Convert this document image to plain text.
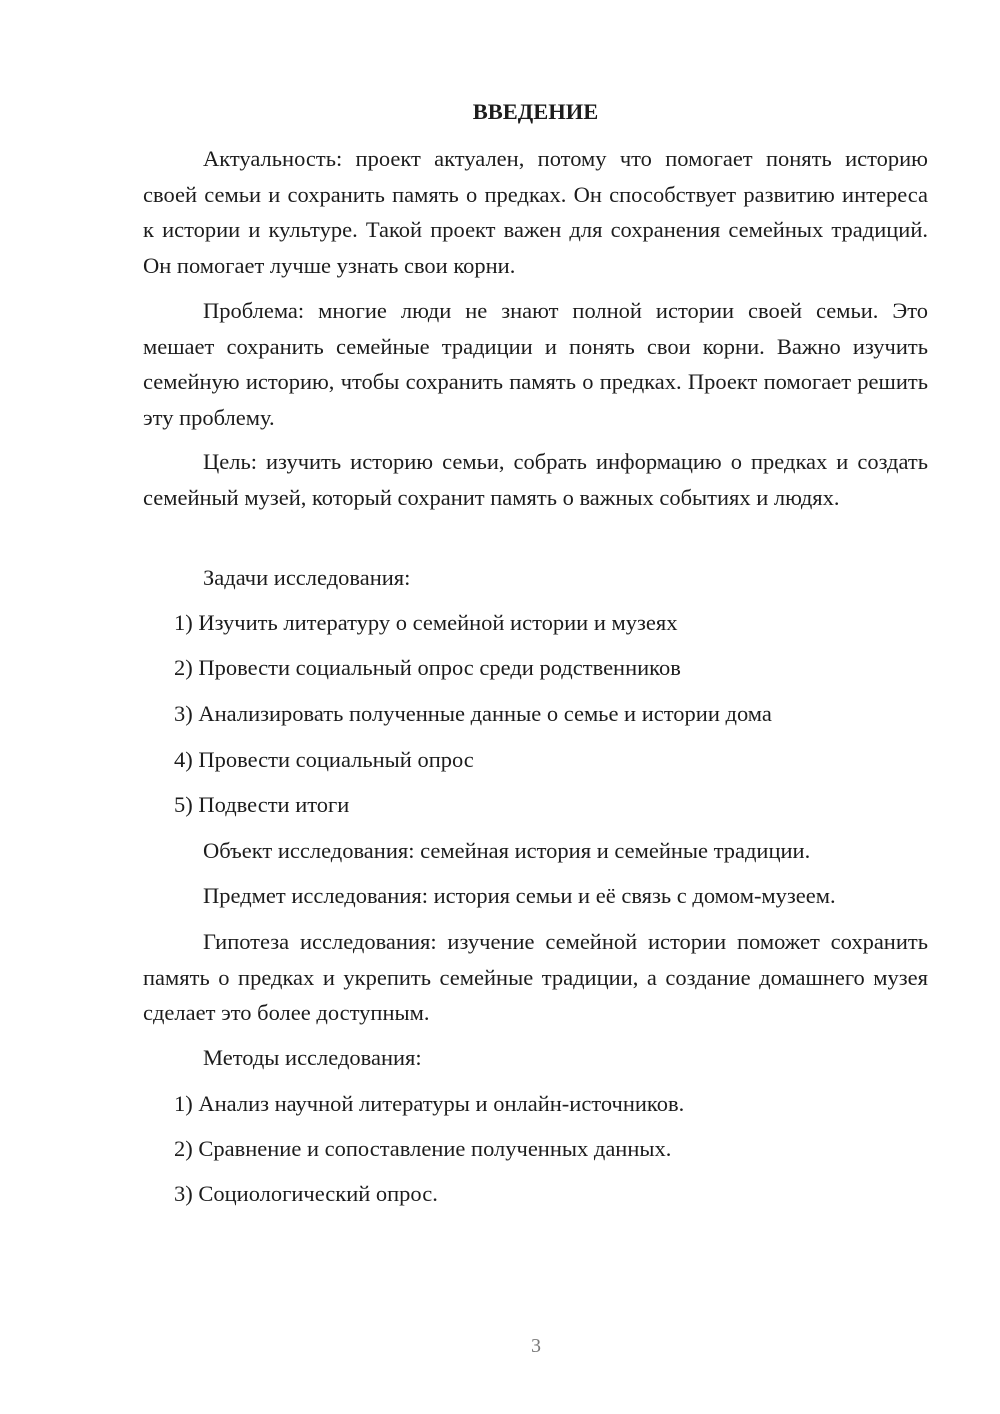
ВВЕДЕНИЕ

Актуальность: проект актуален, потому что помогает понять историю своей семьи и сохранить память о предках. Он способствует развитию интереса к истории и культуре. Такой проект важен для сохранения семейных традиций. Он помогает лучше узнать свои корни.

Проблема: многие люди не знают полной истории своей семьи. Это мешает сохранить семейные традиции и понять свои корни. Важно изучить семейную историю, чтобы сохранить память о предках. Проект помогает решить эту проблему.

Цель: изучить историю семьи, собрать информацию о предках и создать семейный музей, который сохранит память о важных событиях и людях.

Задачи исследования:

1) Изучить литературу о семейной истории и музеях

2) Провести социальный опрос среди родственников

3) Анализировать полученные данные о семье и истории дома

4) Провести социальный опрос

5) Подвести итоги

Объект исследования: семейная история и семейные традиции.

Предмет исследования: история семьи и её связь с домом-музеем.

Гипотеза исследования: изучение семейной истории поможет сохранить память о предках и укрепить семейные традиции, а создание домашнего музея сделает это более доступным.

Методы исследования:

1) Анализ научной литературы и онлайн-источников.

2) Сравнение и сопоставление полученных данных.

3) Социологический опрос.

3
